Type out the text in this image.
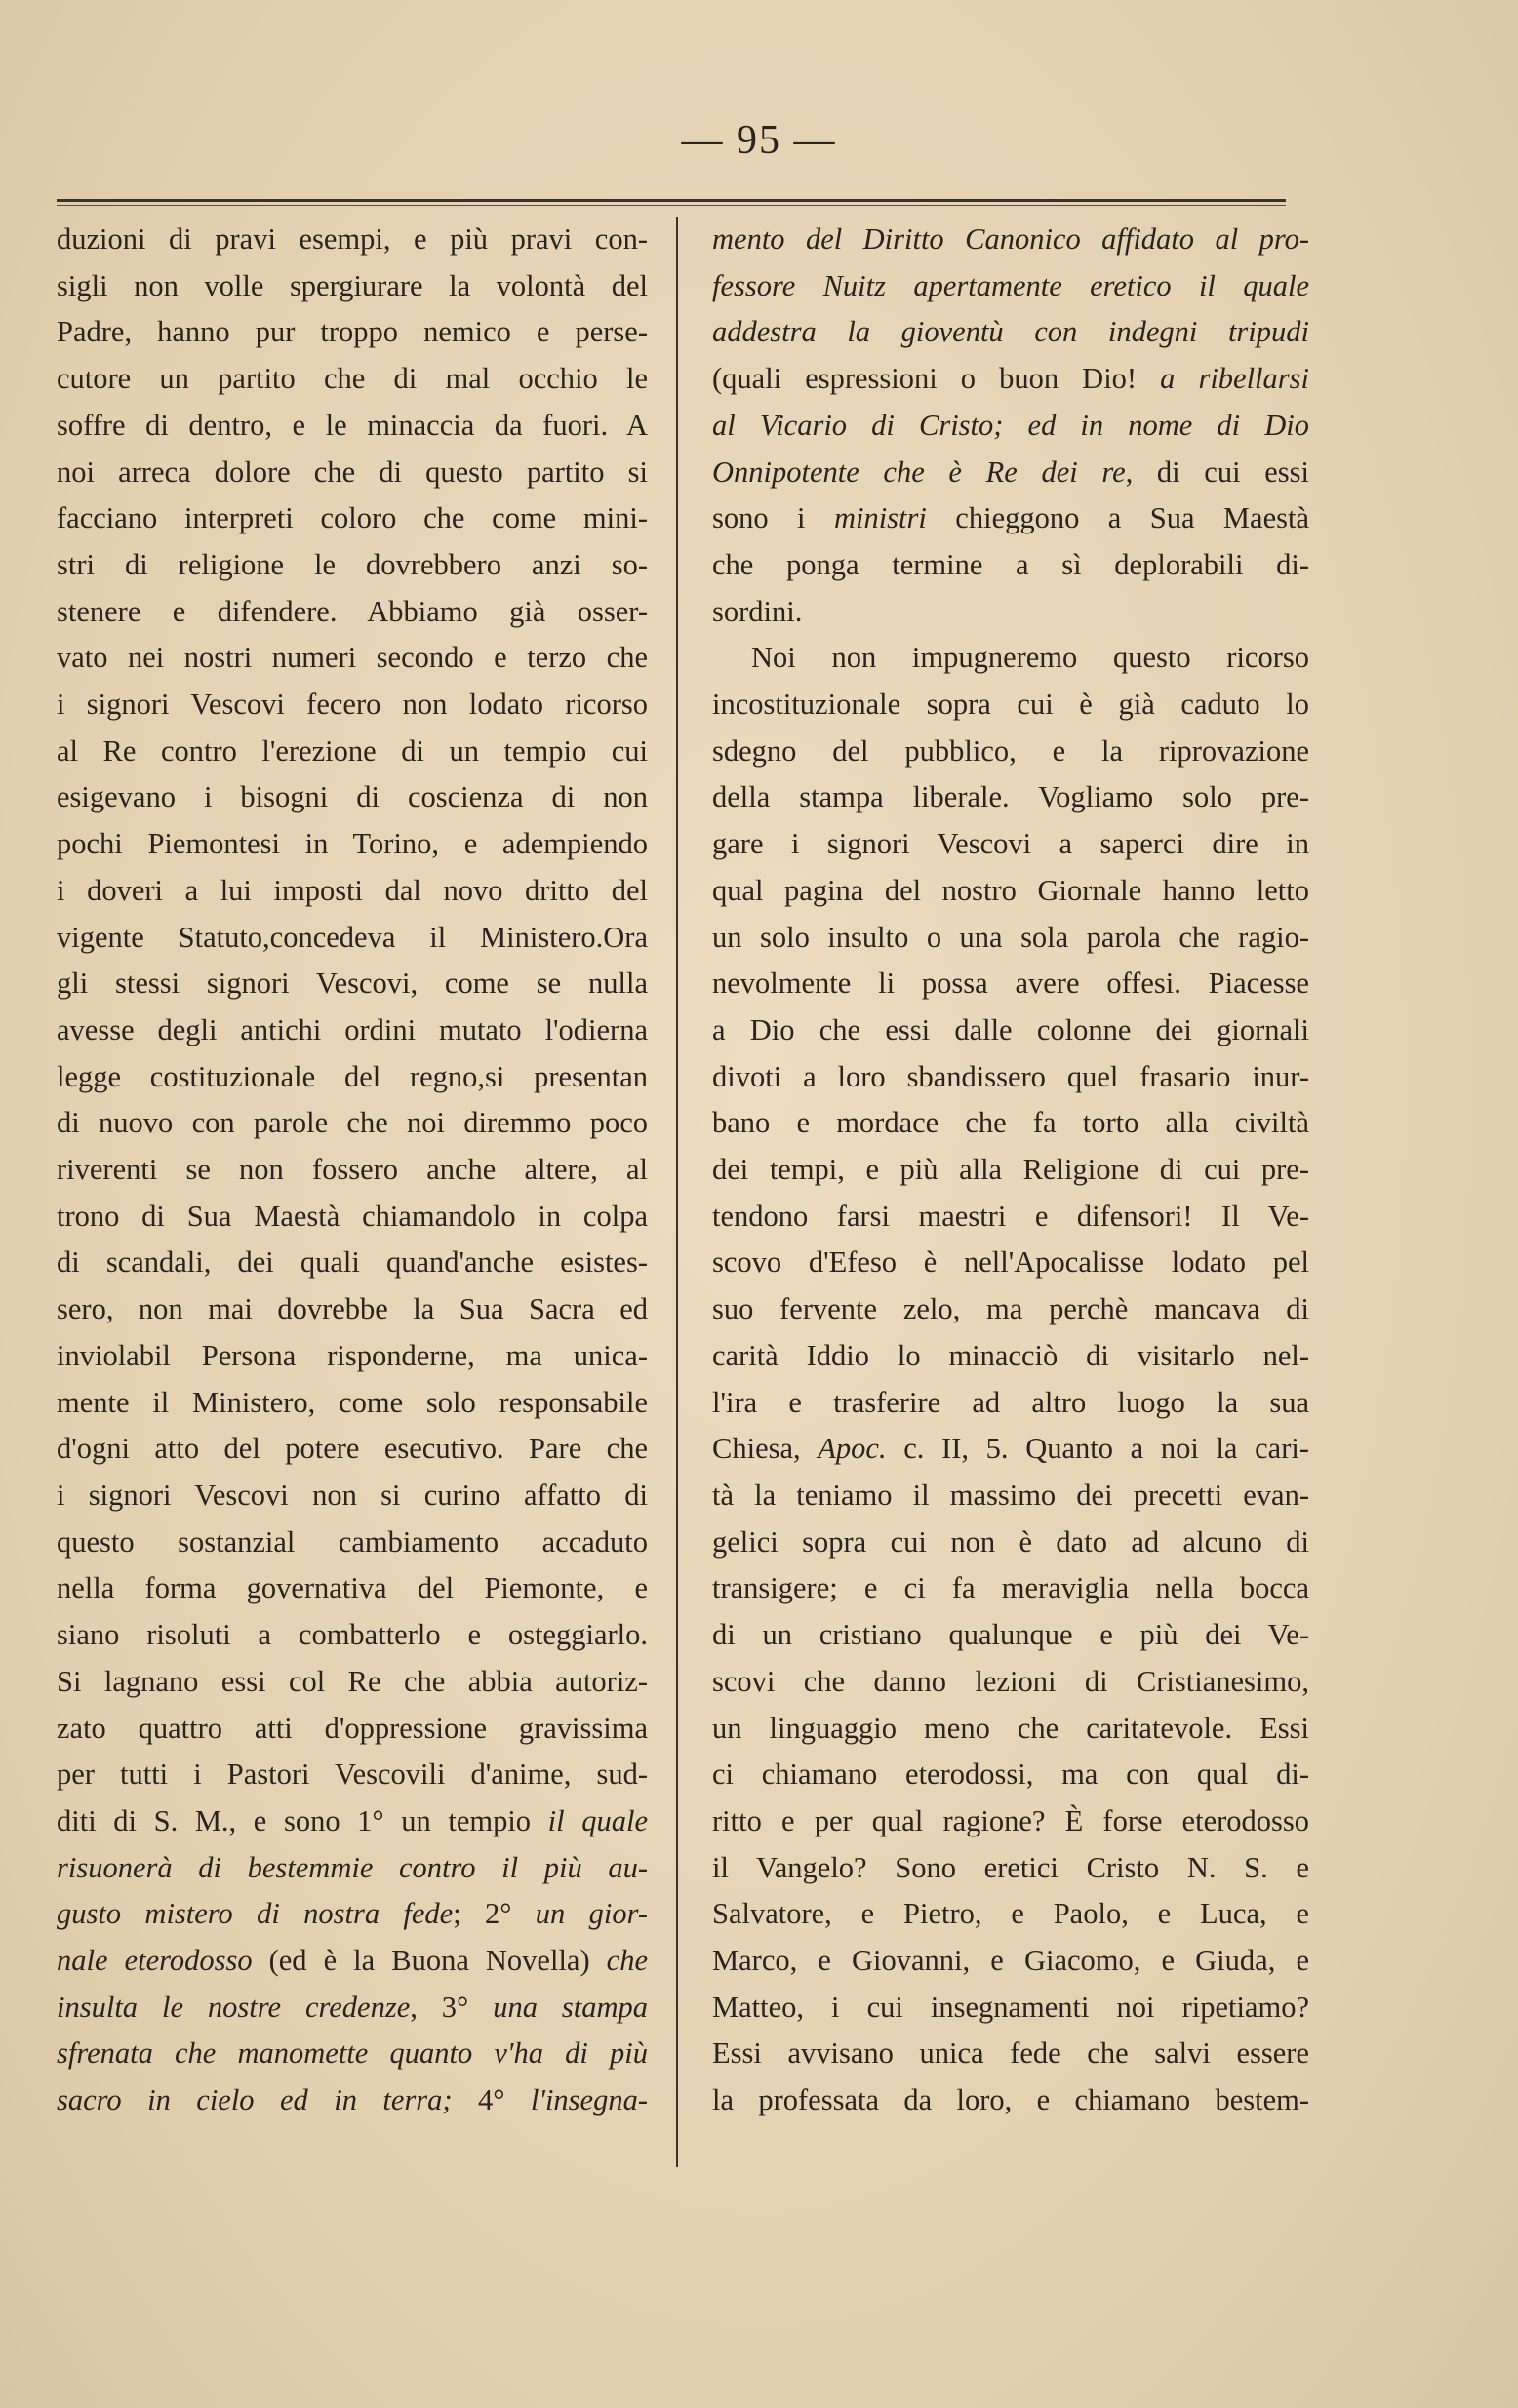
— 95 —
duzioni di pravi esempi, e più pravi con-
sigli non volle spergiurare la volontà del
Padre, hanno pur troppo nemico e perse-
cutore un partito che di mal occhio le
soffre di dentro, e le minaccia da fuori. A
noi arreca dolore che di questo partito si
facciano interpreti coloro che come mini-
stri di religione le dovrebbero anzi so-
stenere e difendere. Abbiamo già osser-
vato nei nostri numeri secondo e terzo che
i signori Vescovi fecero non lodato ricorso
al Re contro l'erezione di un tempio cui
esigevano i bisogni di coscienza di non
pochi Piemontesi in Torino, e adempiendo
i doveri a lui imposti dal novo dritto del
vigente Statuto,concedeva il Ministero.Ora
gli stessi signori Vescovi, come se nulla
avesse degli antichi ordini mutato l'odierna
legge costituzionale del regno,si presentan
di nuovo con parole che noi diremmo poco
riverenti se non fossero anche altere, al
trono di Sua Maestà chiamandolo in colpa
di scandali, dei quali quand'anche esistes-
sero, non mai dovrebbe la Sua Sacra ed
inviolabil Persona risponderne, ma unica-
mente il Ministero, come solo responsabile
d'ogni atto del potere esecutivo. Pare che
i signori Vescovi non si curino affatto di
questo sostanzial cambiamento accaduto
nella forma governativa del Piemonte, e
siano risoluti a combatterlo e osteggiarlo.
Si lagnano essi col Re che abbia autoriz-
zato quattro atti d'oppressione gravissima
per tutti i Pastori Vescovili d'anime, sud-
diti di S. M., e sono 1° un tempio il quale
risuonerà di bestemmie contro il più au-
gusto mistero di nostra fede; 2° un gior-
nale eterodosso (ed è la Buona Novella) che
insulta le nostre credenze, 3° una stampa
sfrenata che manomette quanto v'ha di più
sacro in cielo ed in terra; 4° l'insegna-
mento del Diritto Canonico affidato al pro-
fessore Nuitz apertamente eretico il quale
addestra la gioventù con indegni tripudi
(quali espressioni o buon Dio! a ribellarsi
al Vicario di Cristo; ed in nome di Dio
Onnipotente che è Re dei re, di cui essi
sono i ministri chieggono a Sua Maestà
che ponga termine a sì deplorabili di-
sordini.
Noi non impugneremo questo ricorso
incostituzionale sopra cui è già caduto lo
sdegno del pubblico, e la riprovazione
della stampa liberale. Vogliamo solo pre-
gare i signori Vescovi a saperci dire in
qual pagina del nostro Giornale hanno letto
un solo insulto o una sola parola che ragio-
nevolmente li possa avere offesi. Piacesse
a Dio che essi dalle colonne dei giornali
divoti a loro sbandissero quel frasario inur-
bano e mordace che fa torto alla civiltà
dei tempi, e più alla Religione di cui pre-
tendono farsi maestri e difensori! Il Ve-
scovo d'Efeso è nell'Apocalisse lodato pel
suo fervente zelo, ma perchè mancava di
carità Iddio lo minacciò di visitarlo nel-
l'ira e trasferire ad altro luogo la sua
Chiesa, Apoc. c. II, 5. Quanto a noi la cari-
tà la teniamo il massimo dei precetti evan-
gelici sopra cui non è dato ad alcuno di
transigere; e ci fa meraviglia nella bocca
di un cristiano qualunque e più dei Ve-
scovi che danno lezioni di Cristianesimo,
un linguaggio meno che caritatevole. Essi
ci chiamano eterodossi, ma con qual di-
ritto e per qual ragione? È forse eterodosso
il Vangelo? Sono eretici Cristo N. S. e
Salvatore, e Pietro, e Paolo, e Luca, e
Marco, e Giovanni, e Giacomo, e Giuda, e
Matteo, i cui insegnamenti noi ripetiamo?
Essi avvisano unica fede che salvi essere
la professata da loro, e chiamano bestem-
